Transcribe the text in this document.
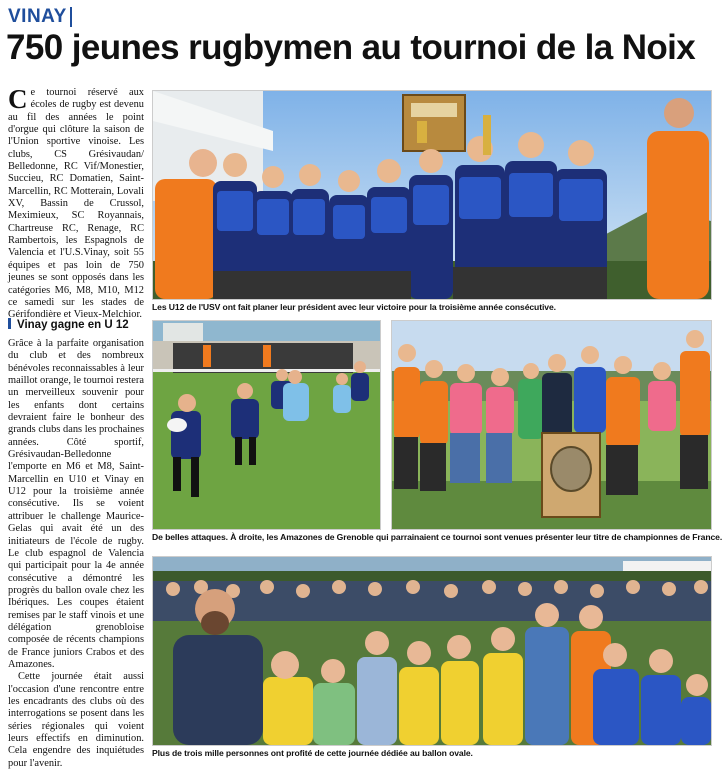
VINAY
750 jeunes rugbymen au tournoi de la Noix

Ce tournoi réservé aux écoles de rugby est devenu au fil des années le point d'orgue qui clôture la saison de l'Union sportive vinoise. Les clubs, CS Grésivaudan/ Belledonne, RC Vif/Monestier, Succieu, RC Domatien, Saint-Marcellin, RC Motterain, Lovali XV, Bassin de Crussol, Meximieux, SC Royannais, Chartreuse RC, Renage, RC Rambertois, les Espagnols de Valencia et l'U.S.Vinay, soit 55 équipes et pas loin de 750 jeunes se sont opposés dans les catégories M6, M8, M10, M12 ce samedi sur les stades de Gérifondière et Vieux-Melchior.

Vinay gagne en U 12

Grâce à la parfaite organisation du club et des nombreux bénévoles reconnaissables à leur maillot orange, le tournoi restera un merveilleux souvenir pour les enfants dont certains devraient faire le bonheur des grands clubs dans les prochaines années. Côté sportif, Grésivaudan-Belledonne l'emporte en M6 et M8, Saint-Marcellin en U10 et Vinay en U12 pour la troisième année consécutive. Ils se voient attribuer le challenge Maurice-Gelas qui avait été un des initiateurs de l'école de rugby. Le club espagnol de Valencia qui participait pour la 4e année consécutive a démontré les progrès du ballon ovale chez les Ibériques. Les coupes étaient remises par le staff vinois et une délégation grenobloise composée de récents champions de France juniors Crabos et des Amazones.

Cette journée était aussi l'occasion d'une rencontre entre les encadrants des clubs où des interrogations se posent dans les séries régionales qui voient leurs effectifs en diminution. Cela engendre des inquiétudes pour l'avenir.

Les U12 de l'USV ont fait planer leur président avec leur victoire pour la troisième année consécutive.
De belles attaques. À droite, les Amazones de Grenoble qui parrainaient ce tournoi sont venues présenter leur titre de championnes de France.
Plus de trois mille personnes ont profité de cette journée dédiée au ballon ovale.
